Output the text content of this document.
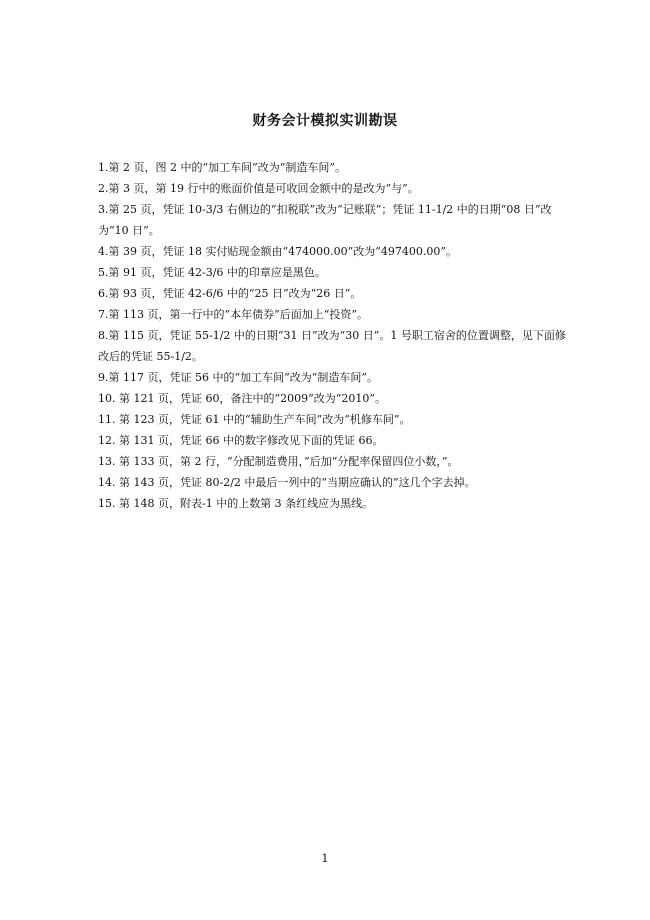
财务会计模拟实训勘误
1.第 2 页，图 2 中的“加工车间”改为“制造车间”。
2.第 3 页，第 19 行中的账面价值是可收回金额中的是改为“与”。
3.第 25 页，凭证 10-3/3 右侧边的“扣税联”改为“记账联”；凭证 11-1/2 中的日期“08 日”改为“10 日”。
4.第 39 页，凭证 18 实付贴现金额由“474000.00”改为“497400.00”。
5.第 91 页，凭证 42-3/6 中的印章应是黑色。
6.第 93 页，凭证 42-6/6 中的“25 日”改为“26 日”。
7.第 113 页，第一行中的“本年债券”后面加上“投资”。
8.第 115 页，凭证 55-1/2 中的日期“31 日”改为“30 日”。1 号职工宿舍的位置调整，见下面修改后的凭证 55-1/2。
9.第 117 页，凭证 56 中的“加工车间”改为“制造车间”。
10. 第 121 页，凭证 60，备注中的“2009”改为“2010”。
11. 第 123 页，凭证 61 中的“辅助生产车间”改为“机修车间”。
12. 第 131 页，凭证 66 中的数字修改见下面的凭证 66。
13. 第 133 页，第 2 行，“分配制造费用，”后加“分配率保留四位小数，”。
14. 第 143 页，凭证 80-2/2 中最后一列中的“当期应确认的”这几个字去掉。
15. 第 148 页，附表-1 中的上数第 3 条红线应为黑线。
1
